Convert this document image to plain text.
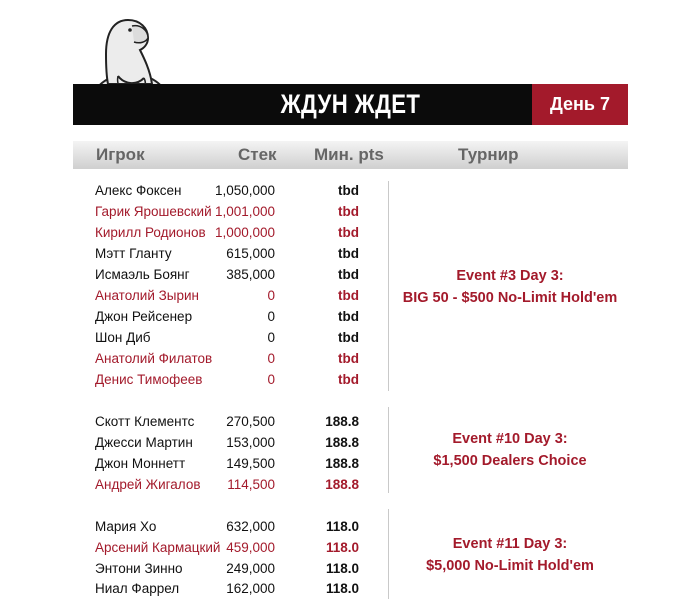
ЖДУН ЖДЕТ	День 7
Игрок	Стек Мин. pts	Турнир
Алекс Фоксен	1,050,000	tbd
Гарик Ярошевский 1,001,000	tbd
Кирилл Родионов 1,000,000	tbd
Мэтт Гланту	615,000	tbd
Исмаэль Боянг	385,000	tbd
Анатолий Зырин	0	tbd
Джон Рейсенер	0	tbd
Шон Диб	0	tbd
Анатолий Филатов	0	tbd
Денис Тимофеев	0	tbd
Event #3 Day 3:
BIG 50 - $500 No-Limit Hold'em
Скотт Клементс	270,500	188.8
Джесси Мартин	153,000	188.8
Джон Моннетт	149,500	188.8
Андрей Жигалов	114,500	188.8
Event #10 Day 3:
$1,500 Dealers Choice
Мария Хо	632,000	118.0
Арсений Кармацкий 459,000	118.0
Энтони Зинно	249,000	118.0
Ниал Фаррел	162,000	118.0
Event #11 Day 3:
$5,000 No-Limit Hold'em
